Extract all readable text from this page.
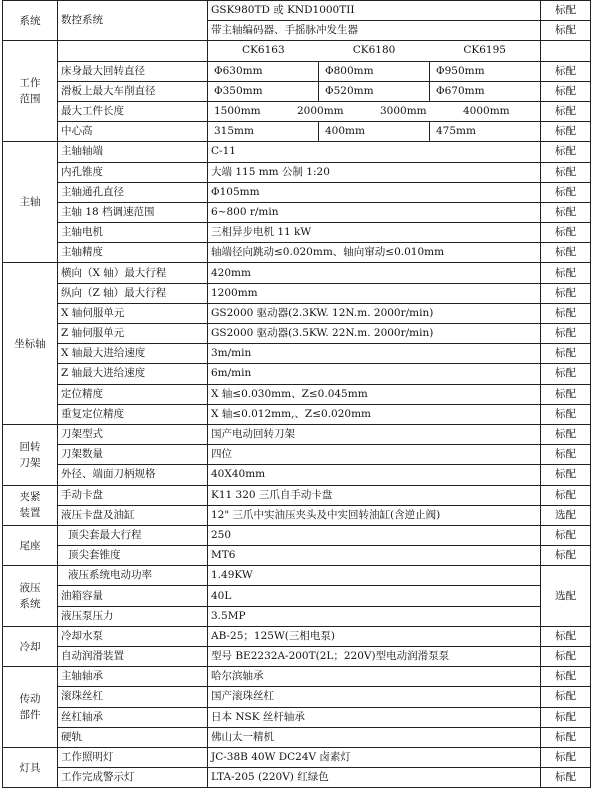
系统	数控系统	GSK980TD 或 KND1000TII	标配
		带主轴编码器、手摇脉冲发生器	标配
工作
范围		CK6163 CK6180 CK6195	

	床身最大回转直径	Φ630mm Φ800mm Φ950mm	标配
	滑板上最大车削直径	Φ350mm Φ520mm Φ670mm	标配
	最大工件长度	1500mm 2000mm 3000mm 4000mm	标配
	中心高	315mm 400mm 475mm	标配
主轴	主轴轴端	C-11	标配
	内孔锥度	大端 115 mm 公制 1:20	标配
	主轴通孔直径	Φ105mm	标配
	主轴 18 档调速范围	6~800 r/min	标配
	主轴电机	三相异步电机 11 kW	标配
	主轴精度	轴端径向跳动≤0.020mm、轴向窜动≤0.010mm	标配
坐标轴	横向（X 轴）最大行程	420mm	标配
	纵向（Z 轴）最大行程	1200mm	标配
	X 轴伺服单元	GS2000 驱动器(2.3KW. 12N.m. 2000r/min)	标配
	Z 轴伺服单元	GS2000 驱动器(3.5KW. 22N.m. 2000r/min)	标配
	X 轴最大进给速度	3m/min	标配
	Z 轴最大进给速度	6m/min	标配
	定位精度	X 轴≤0.030mm、Z≤0.045mm	标配
	重复定位精度	X 轴≤0.012mm,、Z≤0.020mm	标配
回转
刀架	刀架型式	国产电动回转刀架	标配
	刀架数量	四位	标配
	外径、端面刀柄规格	40X40mm	标配
夹紧
装置	手动卡盘	K11 320 三爪自手动卡盘	标配
	液压卡盘及油缸	12" 三爪中实油压夹头及中实回转油缸(含逆止阀)	选配
尾座	顶尖套最大行程	250	标配
	顶尖套锥度	MT6	标配
液压
系统	液压系统电动功率	1.49KW	选配
	油箱容量	40L	
	液压泵压力	3.5MP	
冷却	冷却水泵	AB-25；125W(三相电泵)	标配
	自动润滑装置	型号 BE2232A-200T(2L；220V)型电动润滑泵泵	标配
传动
部件	主轴轴承	哈尔滨轴承	标配
	滚珠丝杠	国产滚珠丝杠	标配
	丝杠轴承	日本 NSK 丝杆轴承	标配
	硬轨	佛山太一精机	标配
灯具	工作照明灯	JC-38B 40W DC24V 卤素灯	标配
	工作完成警示灯	LTA-205 (220V) 红绿色	标配
